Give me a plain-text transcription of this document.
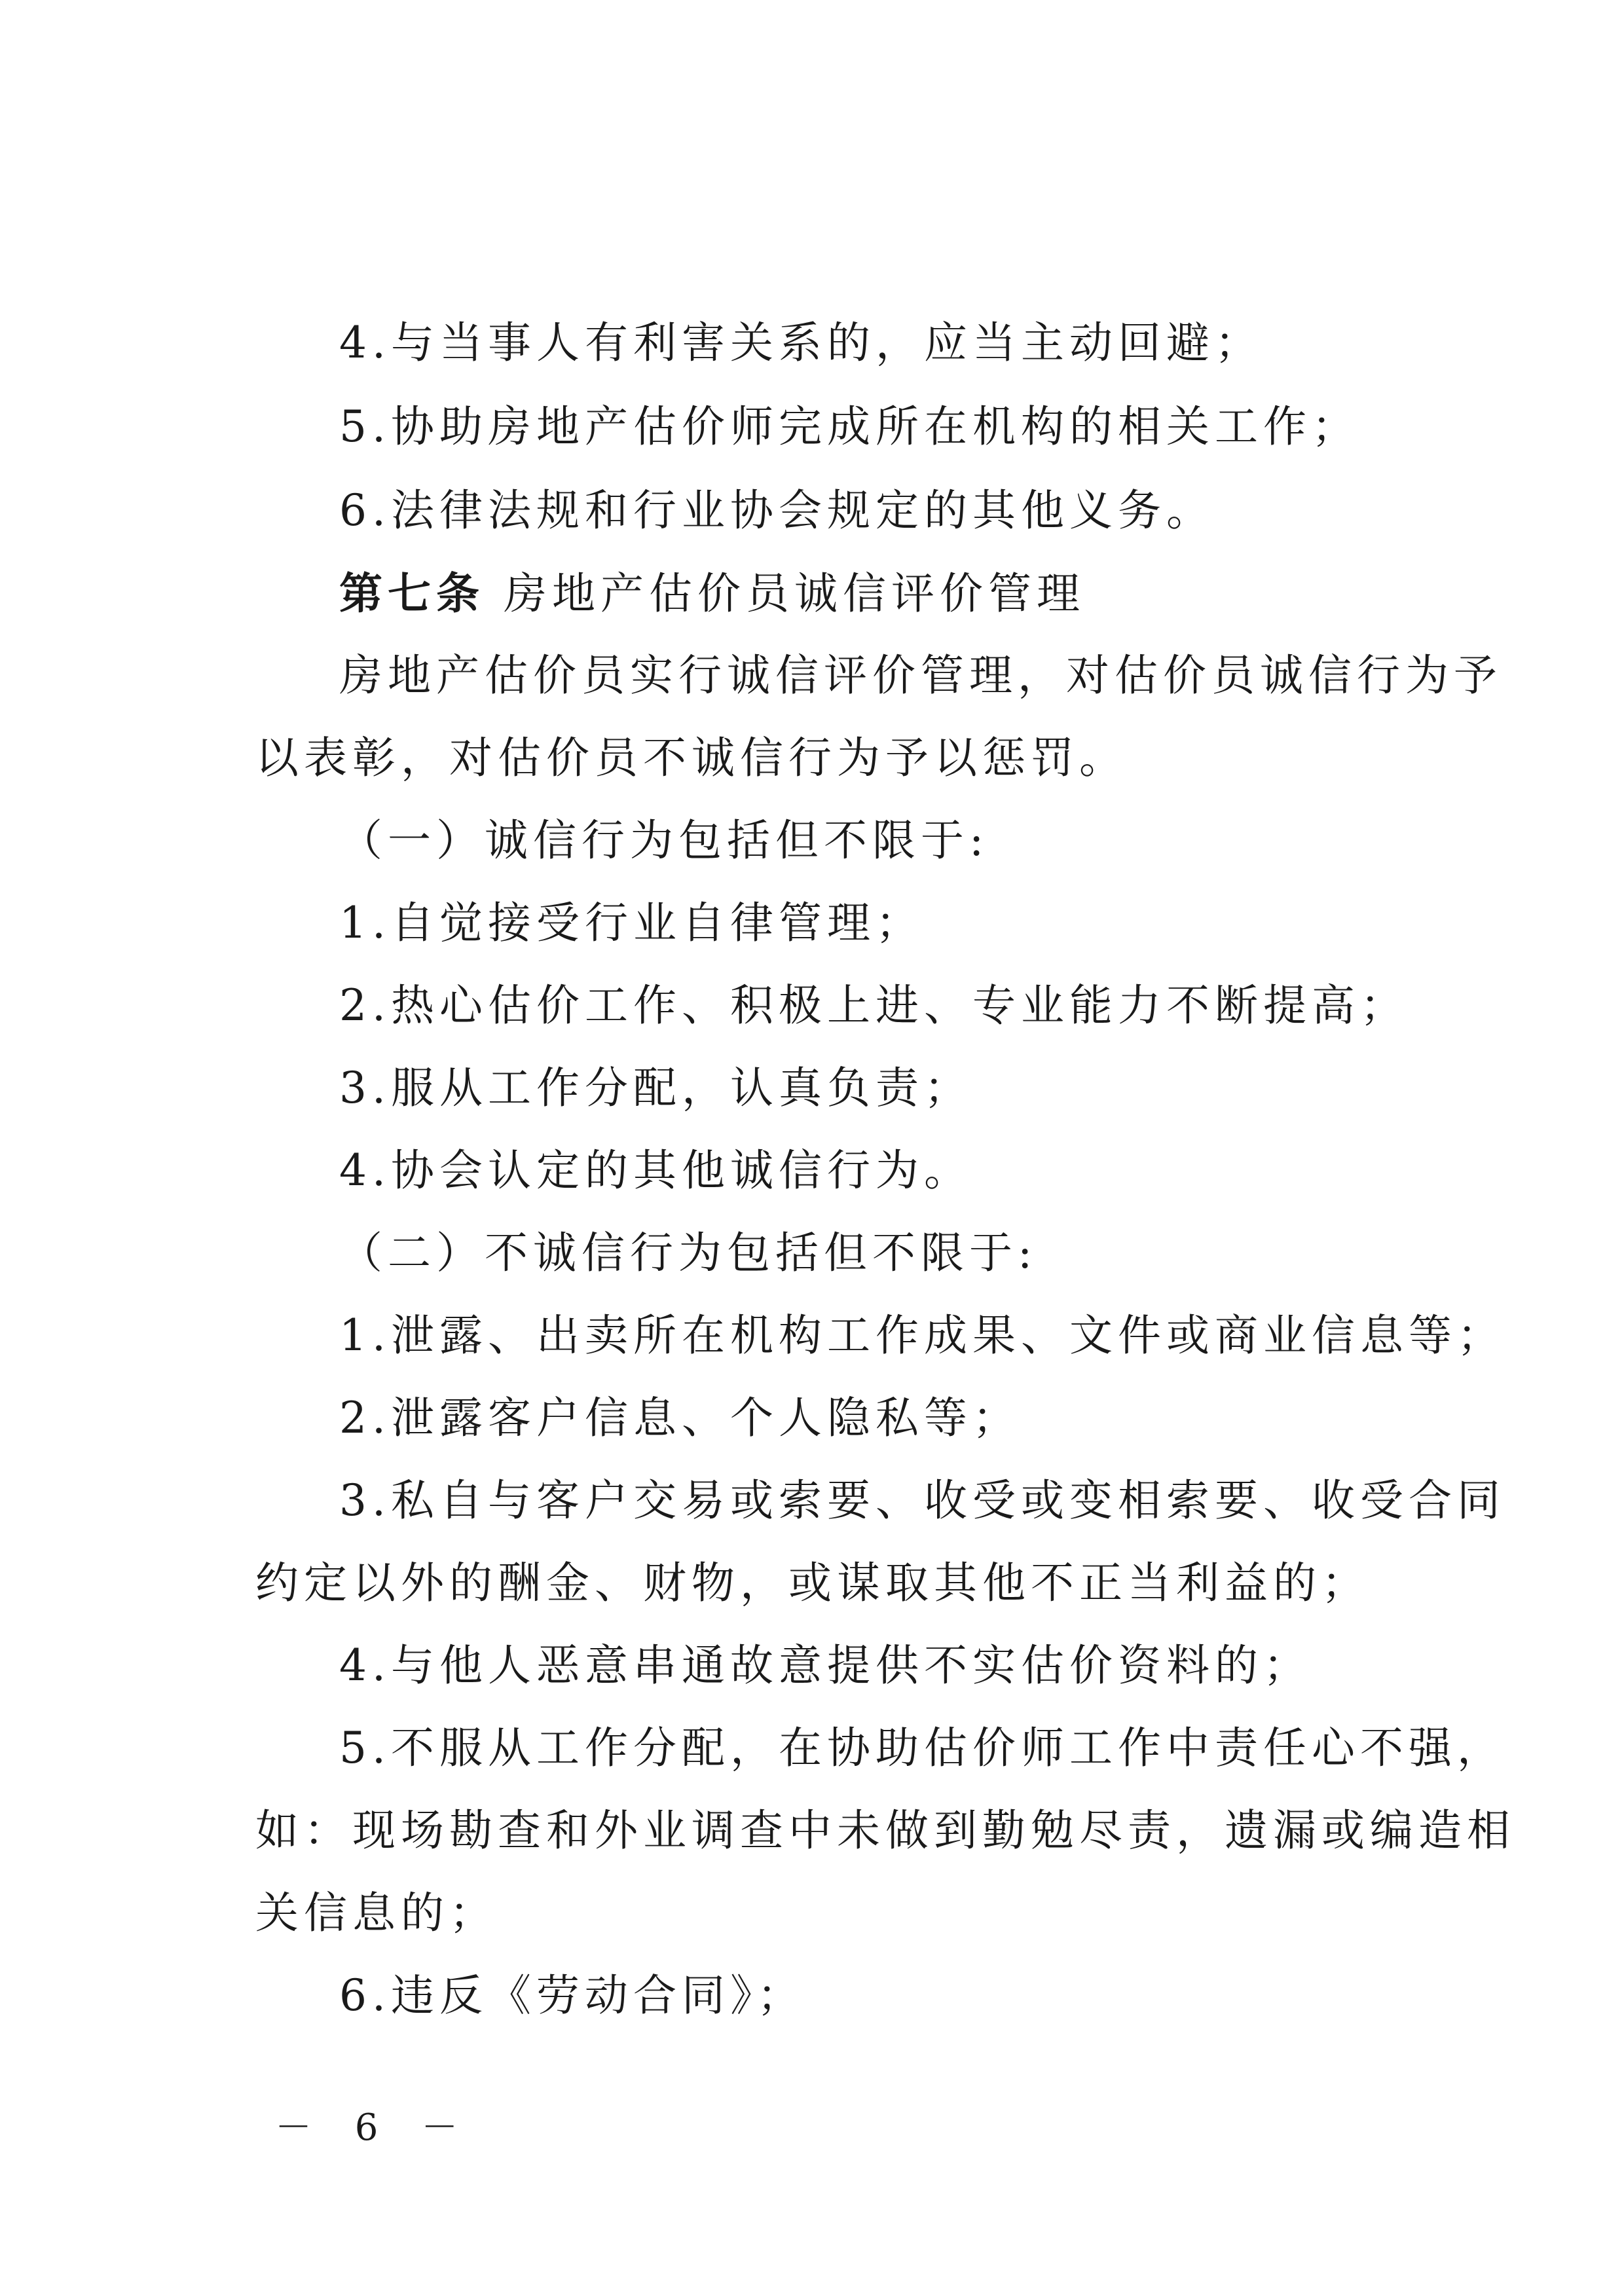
4.与当事人有利害关系的，应当主动回避；
5.协助房地产估价师完成所在机构的相关工作；
6.法律法规和行业协会规定的其他义务。
第七条 房地产估价员诚信评价管理
房地产估价员实行诚信评价管理，对估价员诚信行为予
以表彰，对估价员不诚信行为予以惩罚。
（一）诚信行为包括但不限于:
1.自觉接受行业自律管理；
2.热心估价工作、积极上进、专业能力不断提高；
3.服从工作分配，认真负责；
4.协会认定的其他诚信行为。
（二）不诚信行为包括但不限于:
1.泄露、出卖所在机构工作成果、文件或商业信息等；
2.泄露客户信息、个人隐私等；
3.私自与客户交易或索要、收受或变相索要、收受合同
约定以外的酬金、财物，或谋取其他不正当利益的；
4.与他人恶意串通故意提供不实估价资料的；
5.不服从工作分配，在协助估价师工作中责任心不强，
如：现场勘查和外业调查中未做到勤勉尽责，遗漏或编造相
关信息的；
6.违反《劳动合同》；
－ 6 －
